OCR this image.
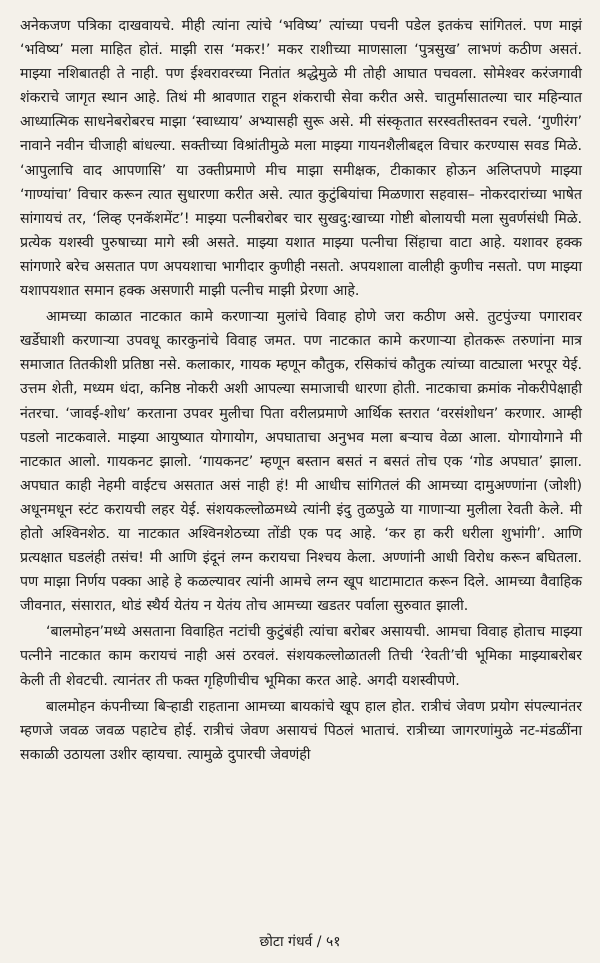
अनेकजण पत्रिका दाखवायचे. मीही त्यांना त्यांचे ‘भविष्य’ त्यांच्या पचनी पडेल इतकंच सांगितलं. पण माझं ‘भविष्य’ मला माहित होतं. माझी रास ‘मकर!’ मकर राशीच्या माणसाला ‘पुत्रसुख’ लाभणं कठीण असतं. माझ्या नशिबातही ते नाही. पण ईश्वरावरच्या नितांत श्रद्धेमुळे मी तोही आघात पचवला. सोमेश्वर करंजगावी शंकराचे जागृत स्थान आहे. तिथं मी श्रावणात राहून शंकराची सेवा करीत असे. चातुर्मासातल्या चार महिन्यात आध्यात्मिक साधनेबरोबरच माझा ‘स्वाध्याय’ अभ्यासही सुरू असे. मी संस्कृतात सरस्वतीस्तवन रचले. ‘गुणीरंग’ नावाने नवीन चीजाही बांधल्या. सक्तीच्या विश्रांतीमुळे मला माझ्या गायनशैलीबद्दल विचार करण्यास सवड मिळे. ‘आपुलाचि वाद आपणासि’ या उक्तीप्रमाणे मीच माझा समीक्षक, टीकाकार होऊन अलिप्तपणे माझ्या ‘गाण्यांचा’ विचार करून त्यात सुधारणा करीत असे. त्यात कुटुंबियांचा मिळणारा सहवास– नोकरदारांच्या भाषेत सांगायचं तर, ‘लिव्ह एनकॅशमेंट’! माझ्या पत्नीबरोबर चार सुखदु:खाच्या गोष्टी बोलायची मला सुवर्णसंधी मिळे. प्रत्येक यशस्वी पुरुषाच्या मागे स्त्री असते. माझ्या यशात माझ्या पत्नीचा सिंहाचा वाटा आहे. यशावर हक्क सांगणारे बरेच असतात पण अपयशाचा भागीदार कुणीही नसतो. अपयशाला वालीही कुणीच नसतो. पण माझ्या यशापयशात समान हक्क असणारी माझी पत्नीच माझी प्रेरणा आहे.

आमच्या काळात नाटकात कामे करणाऱ्या मुलांचे विवाह होणे जरा कठीण असे. तुटपुंज्या पगारावर खर्डेघाशी करणाऱ्या उपवधू कारकुनांचे विवाह जमत. पण नाटकात कामे करणाऱ्या होतकरू तरुणांना मात्र समाजात तितकीशी प्रतिष्ठा नसे. कलाकार, गायक म्हणून कौतुक, रसिकांचं कौतुक त्यांच्या वाट्याला भरपूर येई. उत्तम शेती, मध्यम धंदा, कनिष्ठ नोकरी अशी आपल्या समाजाची धारणा होती. नाटकाचा क्रमांक नोकरीपेक्षाही नंतरचा. ‘जावई-शोध’ करताना उपवर मुलीचा पिता वरीलप्रमाणे आर्थिक स्तरात ‘वरसंशोधन’ करणार. आम्ही पडलो नाटकवाले. माझ्या आयुष्यात योगायोग, अपघाताचा अनुभव मला बऱ्याच वेळा आला. योगायोगाने मी नाटकात आलो. गायकनट झालो. ‘गायकनट’ म्हणून बस्तान बसतं न बसतं तोच एक ‘गोड अपघात’ झाला. अपघात काही नेहमी वाईटच असतात असं नाही हं! मी आधीच सांगितलं की आमच्या दामुअण्णांना (जोशी) अधूनमधून स्टंट करायची लहर येई. संशयकल्लोळमध्ये त्यांनी इंदु तुळपुळे या गाणाऱ्या मुलीला रेवती केले. मी होतो अश्विनशेठ. या नाटकात अश्विनशेठच्या तोंडी एक पद आहे. ‘कर हा करी धरीला शुभांगी’. आणि प्रत्यक्षात घडलंही तसंच! मी आणि इंदूनं लग्न करायचा निश्चय केला. अण्णांनी आधी विरोध करून बघितला. पण माझा निर्णय पक्का आहे हे कळल्यावर त्यांनी आमचे लग्न खूप थाटामाटात करून दिले. आमच्या वैवाहिक जीवनात, संसारात, थोडं स्थैर्य येतंय न येतंय तोच आमच्या खडतर पर्वाला सुरुवात झाली.

‘बालमोहन’मध्ये असताना विवाहित नटांची कुटुंबंही त्यांचा बरोबर असायची. आमचा विवाह होताच माझ्या पत्नीने नाटकात काम करायचं नाही असं ठरवलं. संशयकल्लोळातली तिची ‘रेवती’ची भूमिका माझ्याबरोबर केली ती शेवटची. त्यानंतर ती फक्त गृहिणीचीच भूमिका करत आहे. अगदी यशस्वीपणे.

बालमोहन कंपनीच्या बिऱ्हाडी राहताना आमच्या बायकांचे खूप हाल होत. रात्रीचं जेवण प्रयोग संपल्यानंतर म्हणजे जवळ जवळ पहाटेच होई. रात्रीचं जेवण असायचं पिठलं भाताचं. रात्रीच्या जागरणांमुळे नट-मंडळींना सकाळी उठायला उशीर व्हायचा. त्यामुळे दुपारची जेवणंही

छोटा गंधर्व / ५१
